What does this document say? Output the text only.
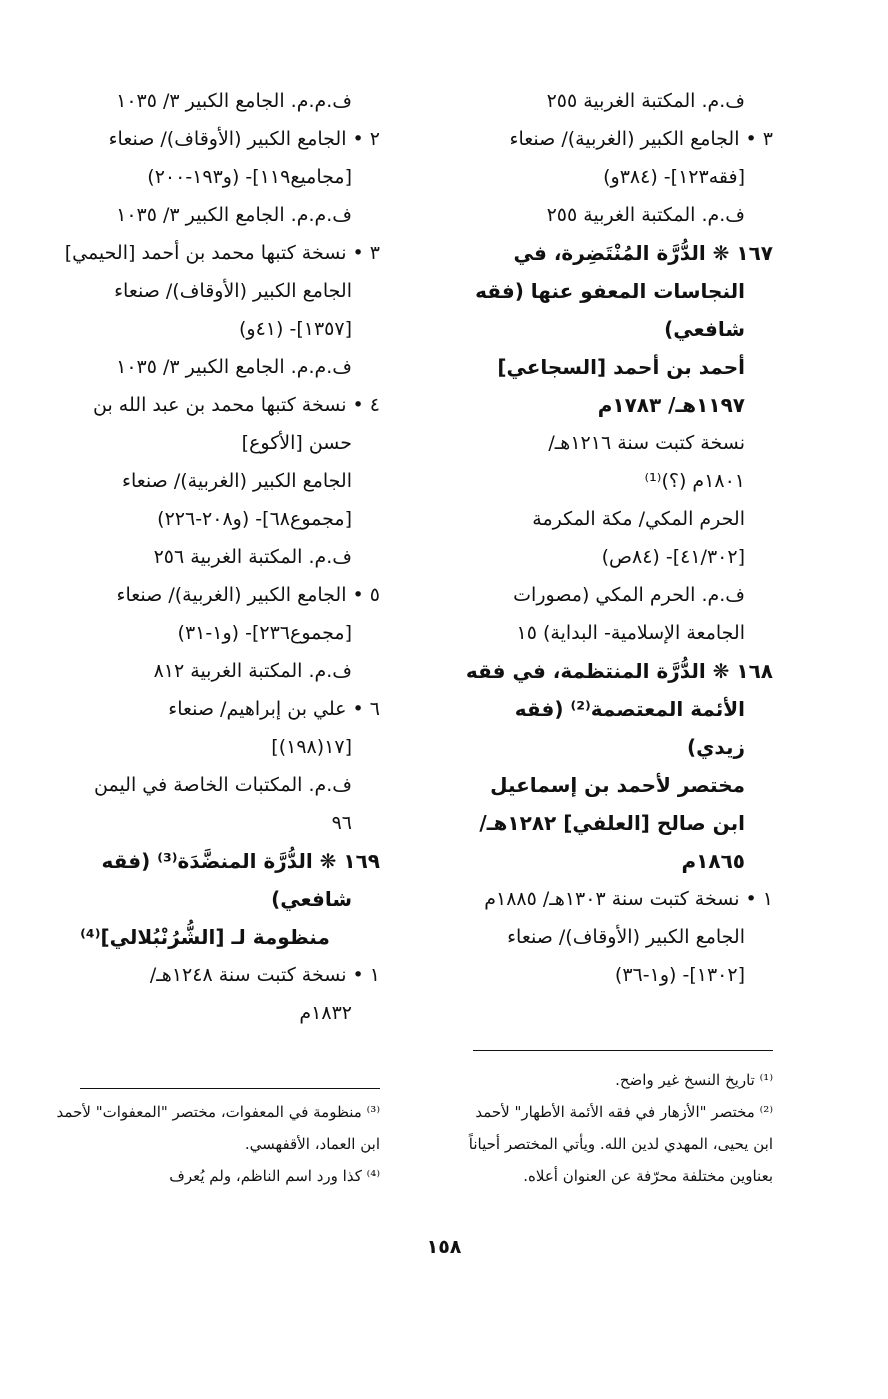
ف.م. المكتبة الغربية ٢٥٥
٣ • الجامع الكبير (الغربية)/ صنعاء
[فقه١٢٣]- (٣٨٤و)
ف.م. المكتبة الغربية ٢٥٥
١٦٧ ❋ الدُّرَّة المُنْتَضِرة، في
النجاسات المعفو عنها (فقه
شافعي)
أحمد بن أحمد [السجاعي]
١١٩٧هـ/ ١٧٨٣م
نسخة كتبت سنة ١٢١٦هـ/
١٨٠١م (؟)⁽¹⁾
الحرم المكي/ مكة المكرمة
[٤١/٣٠٢]- (٨٤ص)
ف.م. الحرم المكي (مصورات
الجامعة الإسلامية- البداية) ١٥
١٦٨ ❋ الدُّرَّة المنتظمة، في فقه
الأئمة المعتصمة⁽²⁾ (فقه
زيدي)
مختصر لأحمد بن إسماعيل
ابن صالح [العلفي] ١٢٨٢هـ/
١٨٦٥م
١ • نسخة كتبت سنة ١٣٠٣هـ/ ١٨٨٥م
الجامع الكبير (الأوقاف)/ صنعاء
[١٣٠٢]- (و١-٣٦)
ف.م.م. الجامع الكبير ٣/ ١٠٣٥
٢ • الجامع الكبير (الأوقاف)/ صنعاء
[مجاميع١١٩]- (و١٩٣-٢٠٠)
ف.م.م. الجامع الكبير ٣/ ١٠٣٥
٣ • نسخة كتبها محمد بن أحمد [الحيمي]
الجامع الكبير (الأوقاف)/ صنعاء
[١٣٥٧]- (٤١و)
ف.م.م. الجامع الكبير ٣/ ١٠٣٥
٤ • نسخة كتبها محمد بن عبد الله بن
حسن [الأكوع]
الجامع الكبير (الغربية)/ صنعاء
[مجموع٦٨]- (و٢٠٨-٢٢٦)
ف.م. المكتبة الغربية ٢٥٦
٥ • الجامع الكبير (الغربية)/ صنعاء
[مجموع٢٣٦]- (و١-٣١)
ف.م. المكتبة الغربية ٨١٢
٦ • علي بن إبراهيم/ صنعاء
[١٧(١٩٨)]
ف.م. المكتبات الخاصة في اليمن
٩٦
١٦٩ ❋ الدُّرَّة المنضَّدَة⁽³⁾ (فقه
شافعي)
منظومة لـ [الشُّرُنْبُلالي]⁽⁴⁾
١ • نسخة كتبت سنة ١٢٤٨هـ/
١٨٣٢م
⁽¹⁾ تاريخ النسخ غير واضح.
⁽²⁾ مختصر "الأزهار في فقه الأئمة الأطهار" لأحمد
ابن يحيى، المهدي لدين الله. ويأتي المختصر أحياناً
بعناوين مختلفة محرّفة عن العنوان أعلاه.
⁽³⁾ منظومة في المعفوات، مختصر "المعفوات" لأحمد
ابن العماد، الأقفهسي.
⁽⁴⁾ كذا ورد اسم الناظم، ولم يُعرف
١٥٨
